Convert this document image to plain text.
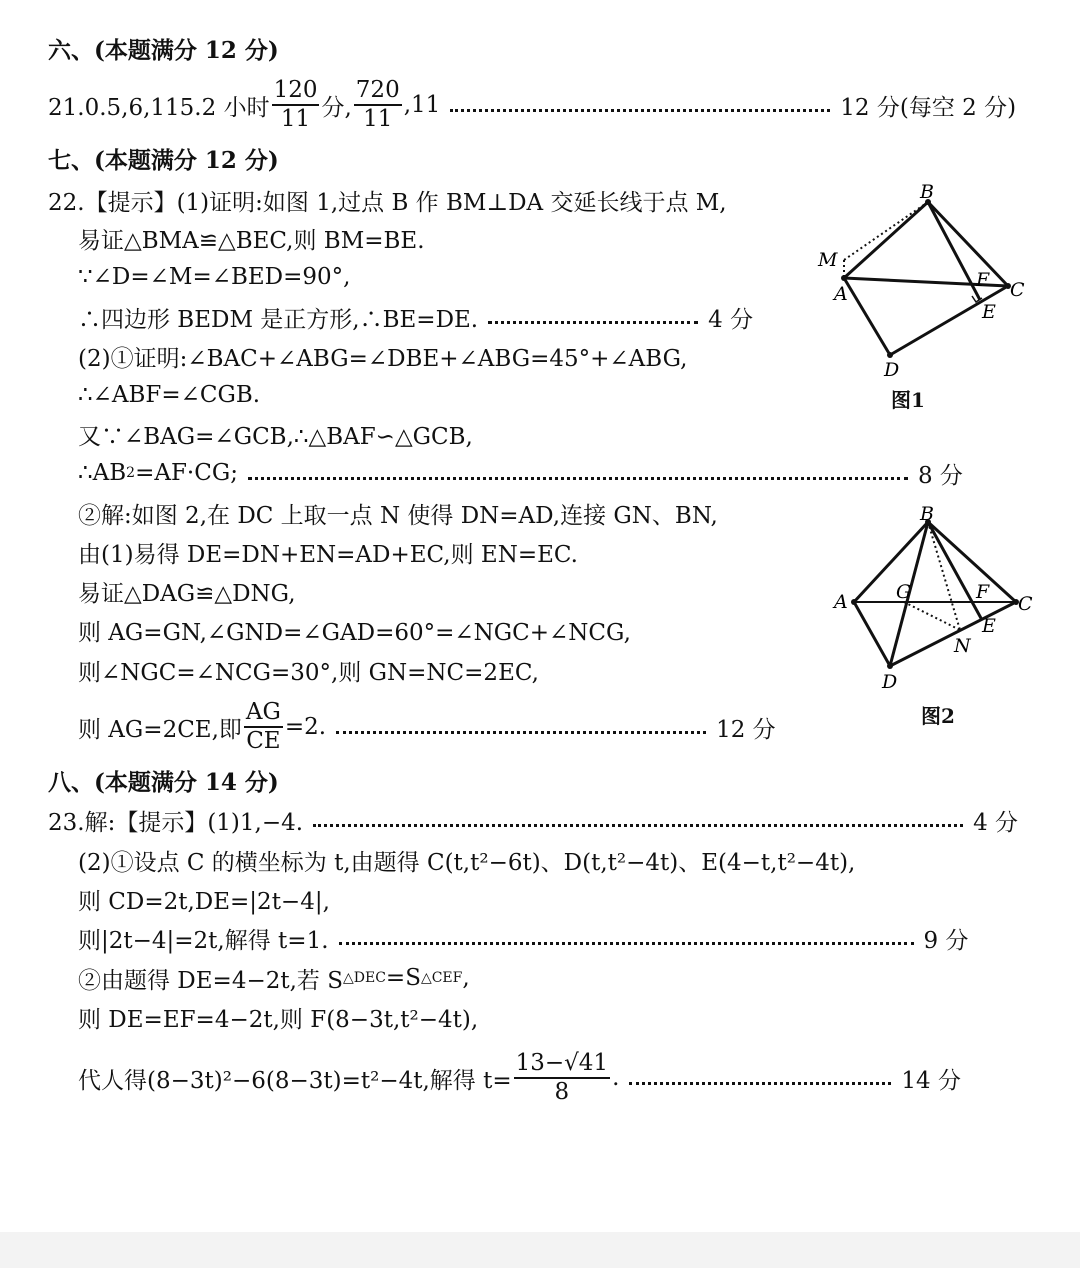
六、(本题满分 12 分)
21.0.5,6,115.2 小时 $\frac{120}{11}$ 分, $\frac{720}{11} ,11$	12 分(每空 2 分)
七、(本题满分 12 分)
22.【提示】(1)证明:如图 1,过点 B 作 BM⊥DA 交延长线于点 M,
易证△BMA≌△BEC,则 BM=BE.
∵∠D=∠M=∠BED=90°,
∴四边形 BEDM 是正方形,∴BE=DE.	4 分
(2)①证明:∠BAC+∠ABG=∠DBE+∠ABG=45°+∠ABG,
∴∠ABF=∠CGB.
又∵∠BAG=∠GCB,∴△BAF∽△GCB,
∴AB 2 =AF·CG;	8 分
②解:如图 2,在 DC 上取一点 N 使得 DN=AD,连接 GN、BN,
由(1)易得 DE=DN+EN=AD+EC,则 EN=EC.
易证△DAG≌△DNG,
则 AG=GN,∠GND=∠GAD=60°=∠NGC+∠NCG,
则∠NGC=∠NCG=30°,则 GN=NC=2EC,
则 AG=2CE,即 $\frac{AG}{CE} =2$.	12 分
八、(本题满分 14 分)
23.解:【提示】(1)1,−4.	4 分
(2)①设点 C 的横坐标为 t,由题得 C(t,t²−6t)、D(t,t²−4t)、E(4−t,t²−4t),
则 CD=2t,DE=|2t−4|,
则|2t−4|=2t,解得 t=1.	9 分
②由题得 DE=4−2t,若 S △DEC =S △CEF ,
则 DE=EF=4−2t,则 F(8−3t,t²−4t),
代人得(8−3t)²−6(8−3t)=t²−4t,解得 $t= \frac{13-√41}{8}$ .	14 分
B
M
A
F C
E
D
图1
B
A	G	F
C
E
N
D
图2
